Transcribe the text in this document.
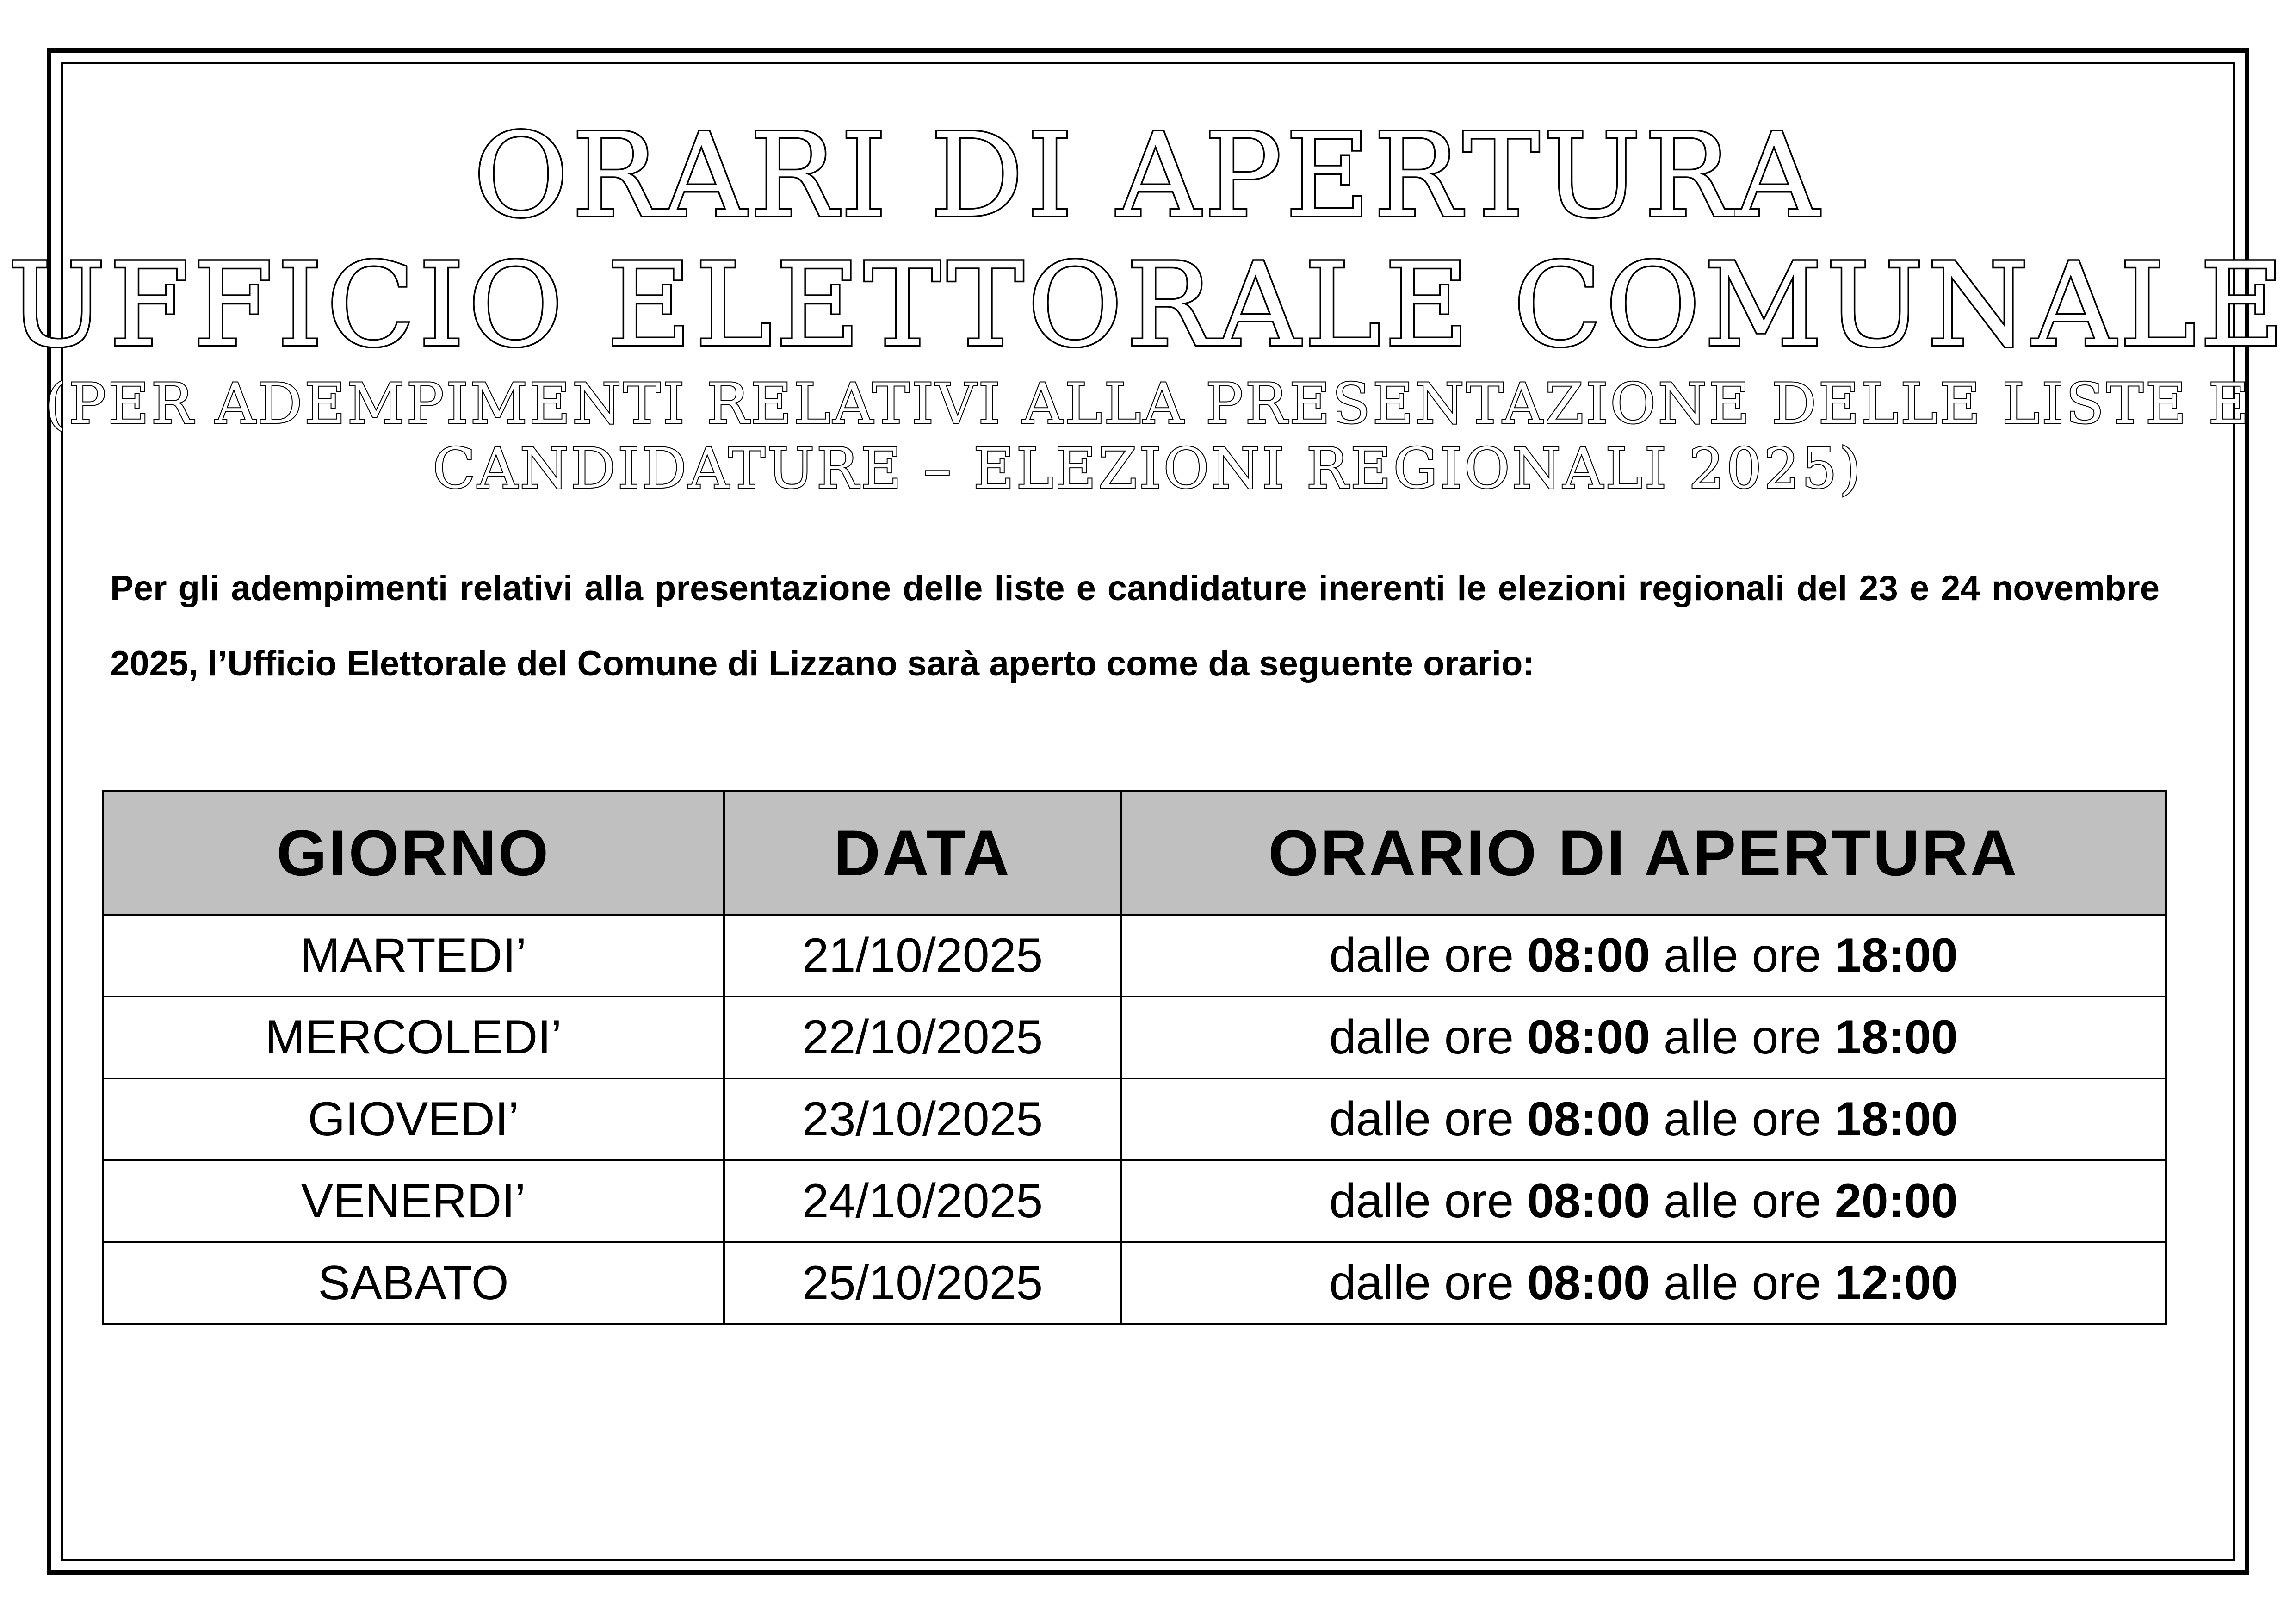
ORARI DI APERTURA
UFFICIO ELETTORALE COMUNALE

(PER ADEMPIMENTI RELATIVI ALLA PRESENTAZIONE DELLE LISTE E

CANDIDATURE – ELEZIONI REGIONALI 2025)

Per gli adempimenti relativi alla presentazione delle liste e candidature inerenti le elezioni regionali del 23 e 24 novembre 2025, l’Ufficio Elettorale del Comune di Lizzano sarà aperto come da seguente orario:

GIORNO	DATA	ORARIO DI APERTURA
MARTEDI’	21/10/2025	dalle ore 08:00 alle ore 18:00
MERCOLEDI’	22/10/2025	dalle ore 08:00 alle ore 18:00
GIOVEDI’	23/10/2025	dalle ore 08:00 alle ore 18:00
VENERDI’	24/10/2025	dalle ore 08:00 alle ore 20:00
SABATO	25/10/2025	dalle ore 08:00 alle ore 12:00
